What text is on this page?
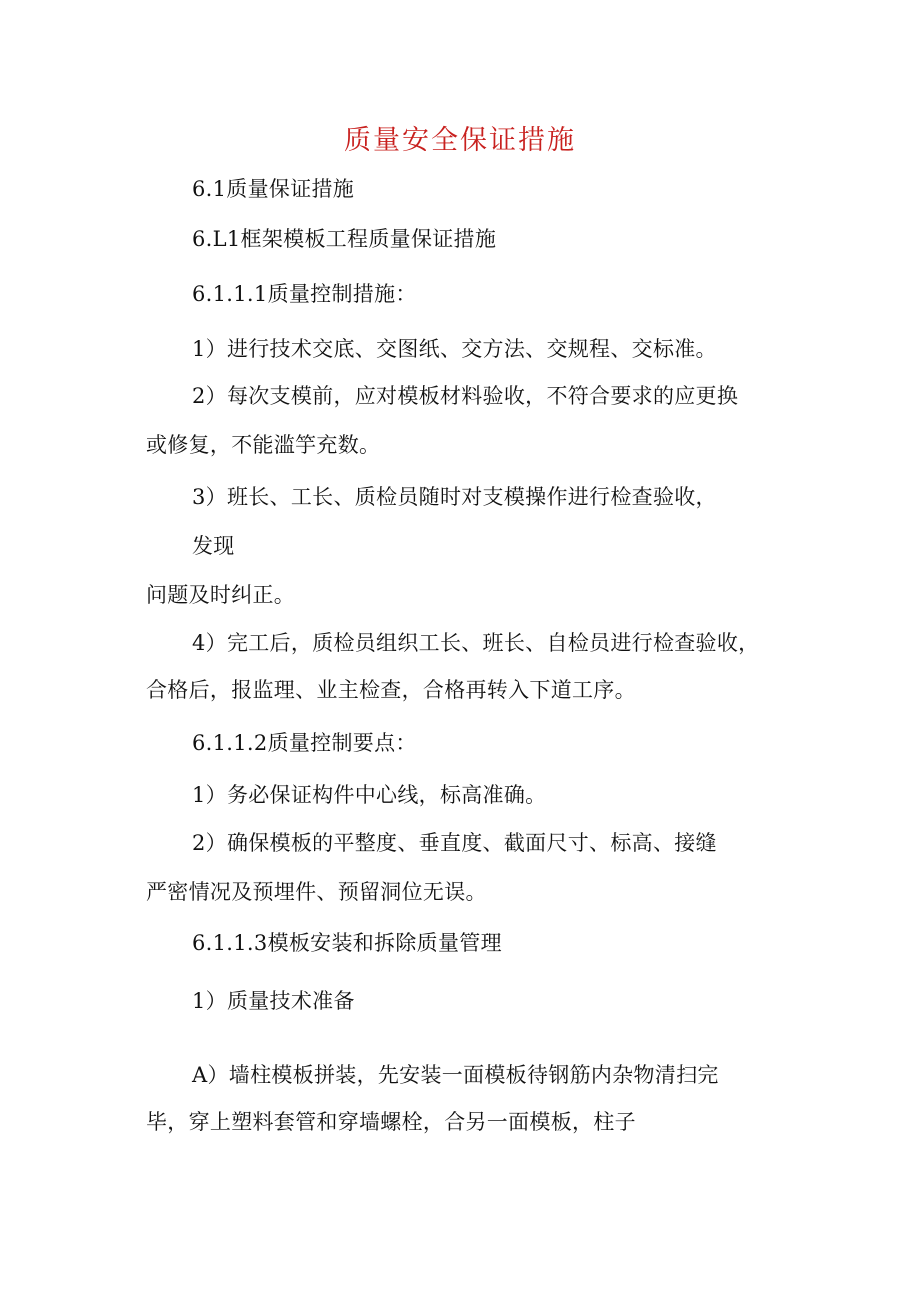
质量安全保证措施
6.1质量保证措施
6.L1框架模板工程质量保证措施
6.1.1.1质量控制措施：
1）进行技术交底、交图纸、交方法、交规程、交标准。
2）每次支模前，应对模板材料验收，不符合要求的应更换
或修复，不能滥竽充数。
3）班长、工长、质检员随时对支模操作进行检查验收，
发现
问题及时纠正。
4）完工后，质检员组织工长、班长、自检员进行检查验收，
合格后，报监理、业主检查，合格再转入下道工序。
6.1.1.2质量控制要点：
1）务必保证构件中心线，标高准确。
2）确保模板的平整度、垂直度、截面尺寸、标高、接缝
严密情况及预埋件、预留洞位无误。
6.1.1.3模板安装和拆除质量管理
1）质量技术准备
A）墙柱模板拼装，先安装一面模板待钢筋内杂物清扫完
毕，穿上塑料套管和穿墙螺栓，合另一面模板，柱子
